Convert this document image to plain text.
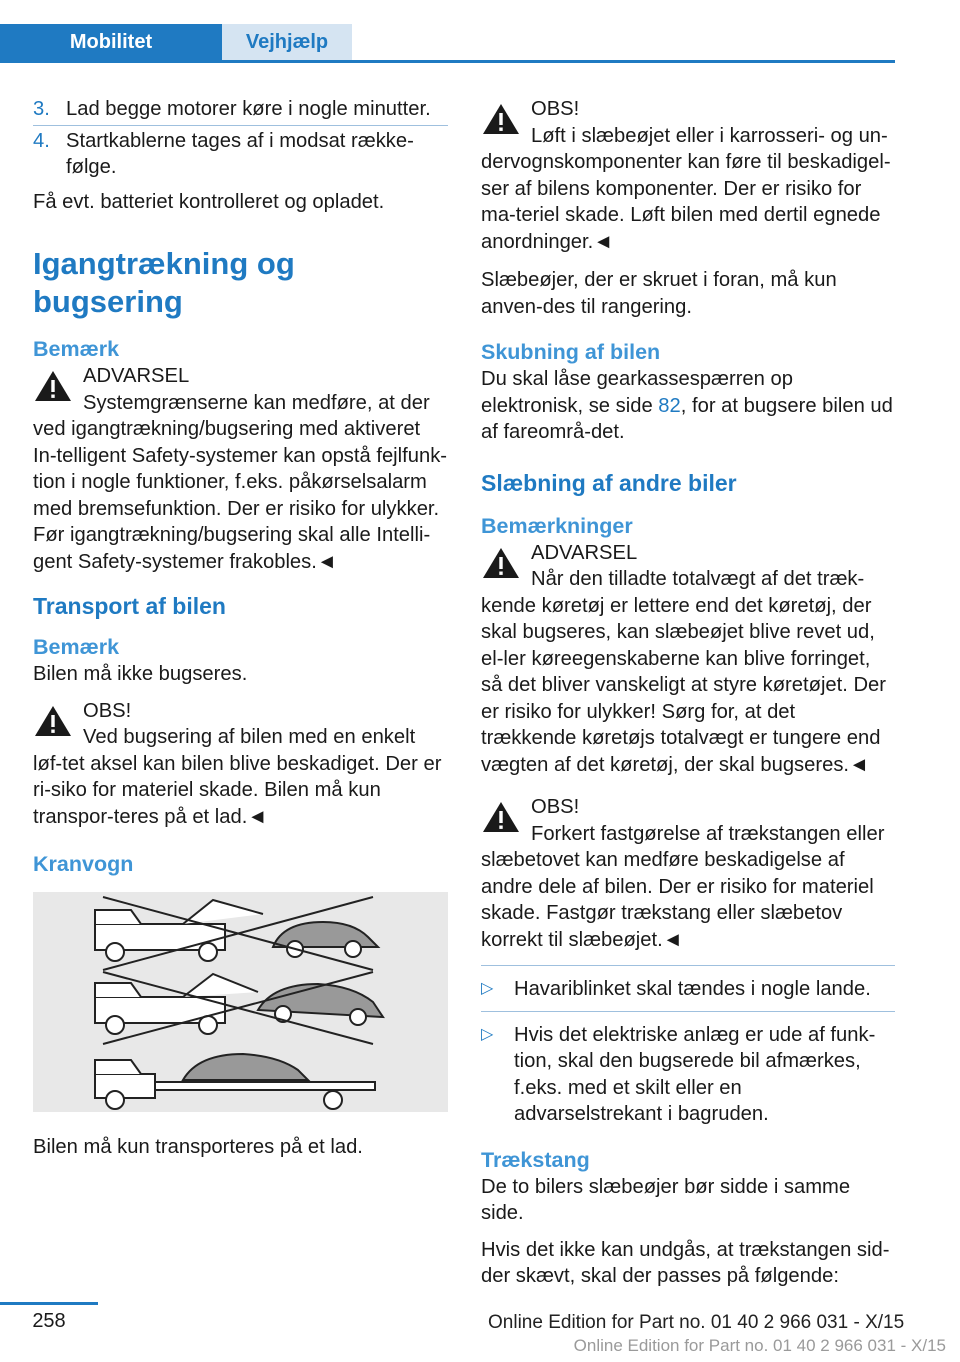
Mobilitet	Vejhjælp
3. Lad begge motorer køre i nogle minutter.
4. Startkablerne tages af i modsat række-følge.

Få evt. batteriet kontrolleret og opladet.

Igangtrækning og bugsering
Bemærk
ADVARSEL
Systemgrænserne kan medføre, at der ved igangtrækning/bugsering med aktiveret In-telligent Safety-systemer kan opstå fejlfunk-tion i nogle funktioner, f.eks. påkørselsalarm med bremsefunktion. Der er risiko for ulykker. Før igangtrækning/bugsering skal alle Intelli-gent Safety-systemer frakobles.◄
Transport af bilen
Bemærk

Bilen må ikke bugseres.

OBS!
Ved bugsering af bilen med en enkelt løf-tet aksel kan bilen blive beskadiget. Der er ri-siko for materiel skade. Bilen må kun transpor-teres på et lad.◄
Kranvogn

Bilen må kun transporteres på et lad.

OBS!
Løft i slæbeøjet eller i karrosseri- og un-dervognskomponenter kan føre til beskadigel-ser af bilens komponenter. Der er risiko for ma-teriel skade. Løft bilen med dertil egnede anordninger.◄

Slæbeøjer, der er skruet i foran, må kun anven-des til rangering.

Skubning af bilen

Du skal låse gearkassespærren op elektronisk, se side 82, for at bugsere bilen ud af fareområ-det.

Slæbning af andre biler
Bemærkninger
ADVARSEL
Når den tilladte totalvægt af det træk-kende køretøj er lettere end det køretøj, der skal bugseres, kan slæbeøjet blive revet ud, el-ler køreegenskaberne kan blive forringet, så det bliver vanskeligt at styre køretøjet. Der er risiko for ulykker! Sørg for, at det trækkende køretøjs totalvægt er tungere end vægten af det køretøj, der skal bugseres.◄
OBS!
Forkert fastgørelse af trækstangen eller slæbetovet kan medføre beskadigelse af andre dele af bilen. Der er risiko for materiel skade. Fastgør trækstang eller slæbetov korrekt til slæbeøjet.◄
▷ Havariblinket skal tændes i nogle lande.
▷ Hvis det elektriske anlæg er ude af funk-tion, skal den bugserede bil afmærkes, f.eks. med et skilt eller en advarselstrekant i bagruden.
Trækstang

De to bilers slæbeøjer bør sidde i samme side.

Hvis det ikke kan undgås, at trækstangen sid-der skævt, skal der passes på følgende:

258	Online Edition for Part no. 01 40 2 966 031 - X/15
Online Edition for Part no. 01 40 2 966 031 - X/15
